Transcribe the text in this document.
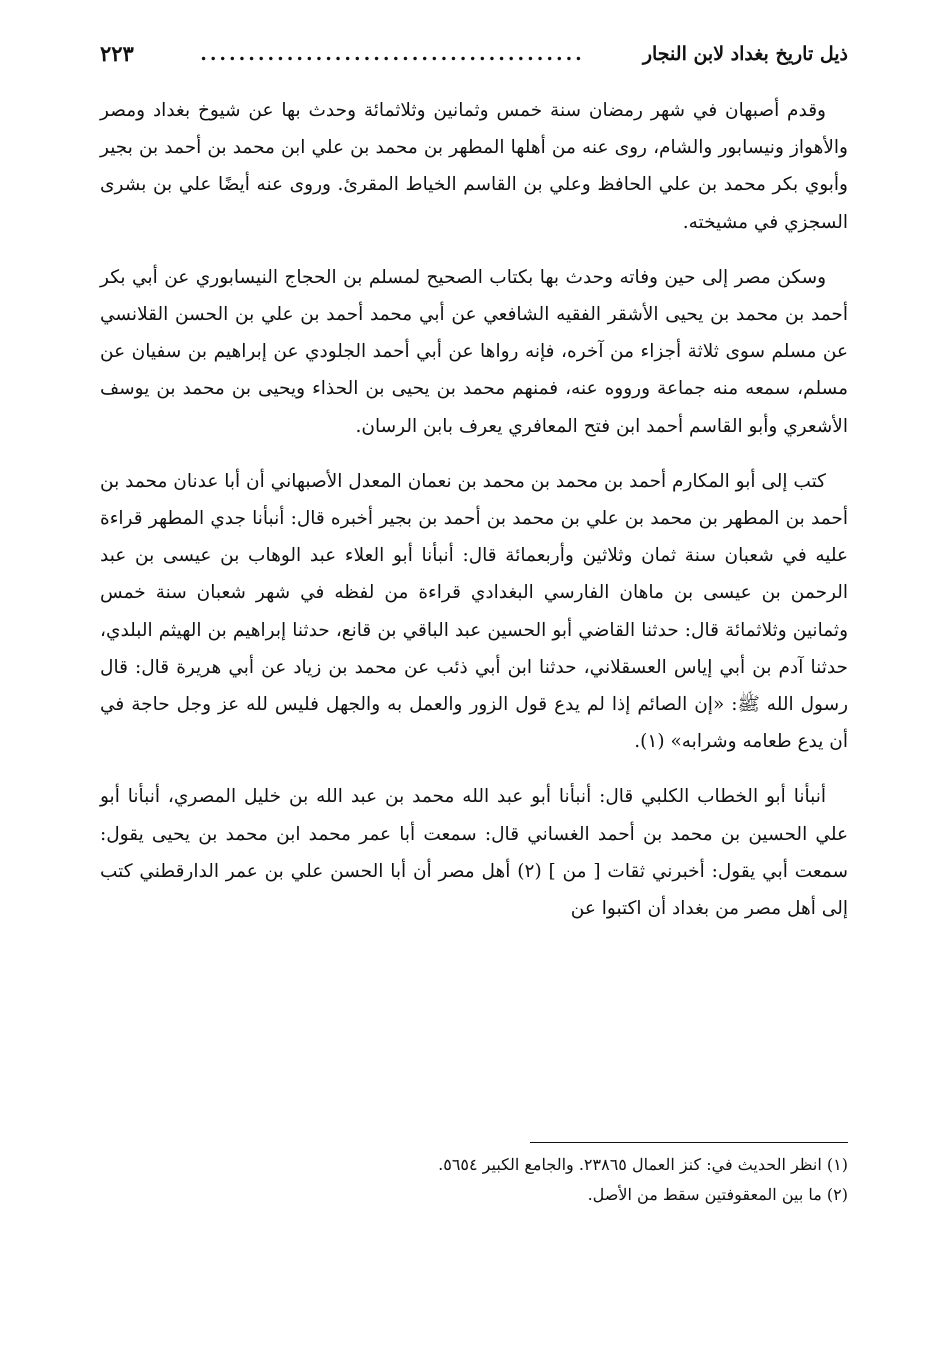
ذيل تاريخ بغداد لابن النجار
........................................
٢٢٣

وقدم أصبهان في شهر رمضان سنة خمس وثمانين وثلاثمائة وحدث بها عن شيوخ بغداد ومصر والأهواز ونيسابور والشام، روى عنه من أهلها المطهر بن محمد بن علي ابن محمد بن أحمد بن بجير وأبوي بكر محمد بن علي الحافظ وعلي بن القاسم الخياط المقرئ. وروى عنه أيضًا علي بن بشرى السجزي في مشيخته.

وسكن مصر إلى حين وفاته وحدث بها بكتاب الصحيح لمسلم بن الحجاج النيسابوري عن أبي بكر أحمد بن محمد بن يحيى الأشقر الفقيه الشافعي عن أبي محمد أحمد بن علي بن الحسن القلانسي عن مسلم سوى ثلاثة أجزاء من آخره، فإنه رواها عن أبي أحمد الجلودي عن إبراهيم بن سفيان عن مسلم، سمعه منه جماعة ورووه عنه، فمنهم محمد بن يحيى بن الحذاء ويحيى بن محمد بن يوسف الأشعري وأبو القاسم أحمد ابن فتح المعافري يعرف بابن الرسان.

كتب إلى أبو المكارم أحمد بن محمد بن محمد بن نعمان المعدل الأصبهاني أن أبا عدنان محمد بن أحمد بن المطهر بن محمد بن علي بن محمد بن أحمد بن بجير أخبره قال: أنبأنا جدي المطهر قراءة عليه في شعبان سنة ثمان وثلاثين وأربعمائة قال: أنبأنا أبو العلاء عبد الوهاب بن عيسى بن عبد الرحمن بن عيسى بن ماهان الفارسي البغدادي قراءة من لفظه في شهر شعبان سنة خمس وثمانين وثلاثمائة قال: حدثنا القاضي أبو الحسين عبد الباقي بن قانع، حدثنا إبراهيم بن الهيثم البلدي، حدثنا آدم بن أبي إياس العسقلاني، حدثنا ابن أبي ذئب عن محمد بن زياد عن أبي هريرة قال: قال رسول الله ﷺ: «إن الصائم إذا لم يدع قول الزور والعمل به والجهل فليس لله عز وجل حاجة في أن يدع طعامه وشرابه» (١).

أنبأنا أبو الخطاب الكلبي قال: أنبأنا أبو عبد الله محمد بن عبد الله بن خليل المصري، أنبأنا أبو علي الحسين بن محمد بن أحمد الغساني قال: سمعت أبا عمر محمد ابن محمد بن يحيى يقول: سمعت أبي يقول: أخبرني ثقات [ من ] (٢) أهل مصر أن أبا الحسن علي بن عمر الدارقطني كتب إلى أهل مصر من بغداد أن اكتبوا عن

(١) انظر الحديث في: كنز العمال ٢٣٨٦٥. والجامع الكبير ٥٦٥٤.
(٢) ما بين المعقوفتين سقط من الأصل.
